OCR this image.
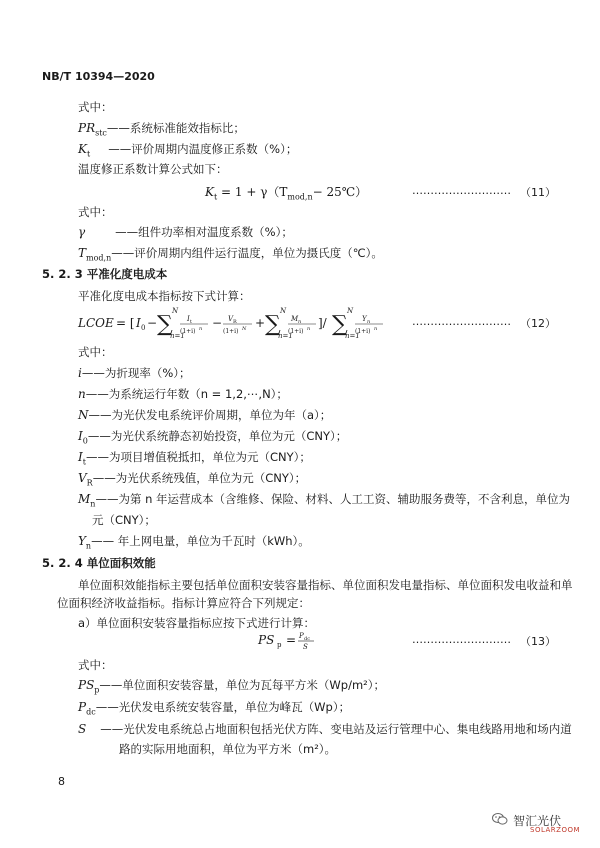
NB/T 10394—2020
式中：
$PR_{stc}——$系统标准能效指标比；
$K_t$ ——评价周期内温度修正系数（%）；
温度修正系数计算公式如下：
$K_t = 1 + \gamma(T_{mod,n}-$ 25℃）	……………………… （11）
式中：
γ	——组件功率相对温度系数（%）；
$T_{mod,n}——$评价周期内组件运行温度，单位为摄氏度（℃）。
5. 2. 3 平准化度电成本
平准化度电成本指标按下式计算：
LCOE = [ I 0 − ∑
N
n=1
I t
(1+i) n − V R
(1+i) N + ∑
N
n=1
M n
(1+i) n ]/ ∑
N
n=1
Y n
(1+i) n
……………………… （12）
式中：
i——为折现率（%）；
n——为系统运行年数（n = 1,2,⋯,N）；
N——为光伏发电系统评价周期，单位为年（a）；
$I_0——$为光伏系统静态初始投资，单位为元（CNY）；
$I_t——$为项目增值税抵扣，单位为元（CNY）；
$V_R——$为光伏系统残值，单位为元（CNY）；
$M_n——$为第 n 年运营成本（含维修、保险、材料、人工工资、辅助服务费等，不含利息，单位为
元（CNY）；
$Y_n——$ 年上网电量，单位为千瓦时（kWh）。
5. 2. 4 单位面积效能
单位面积效能指标主要包括单位面积安装容量指标、单位面积发电量指标、单位面积发电收益和单
位面积经济收益指标。指标计算应符合下列规定：
a）单位面积安装容量指标应按下式进行计算：
PS p = P dc
S
……………………… （13）
式中：
$PS_p——$单位面积安装容量，单位为瓦每平方米（Wp/m²）；
$P_{dc}——$光伏发电系统安装容量，单位为峰瓦（Wp）；
S ——光伏发电系统总占地面积包括光伏方阵、变电站及运行管理中心、集电线路用地和场内道
路的实际用地面积，单位为平方米（m²）。
8
智汇光伏
SOLARZOOM
